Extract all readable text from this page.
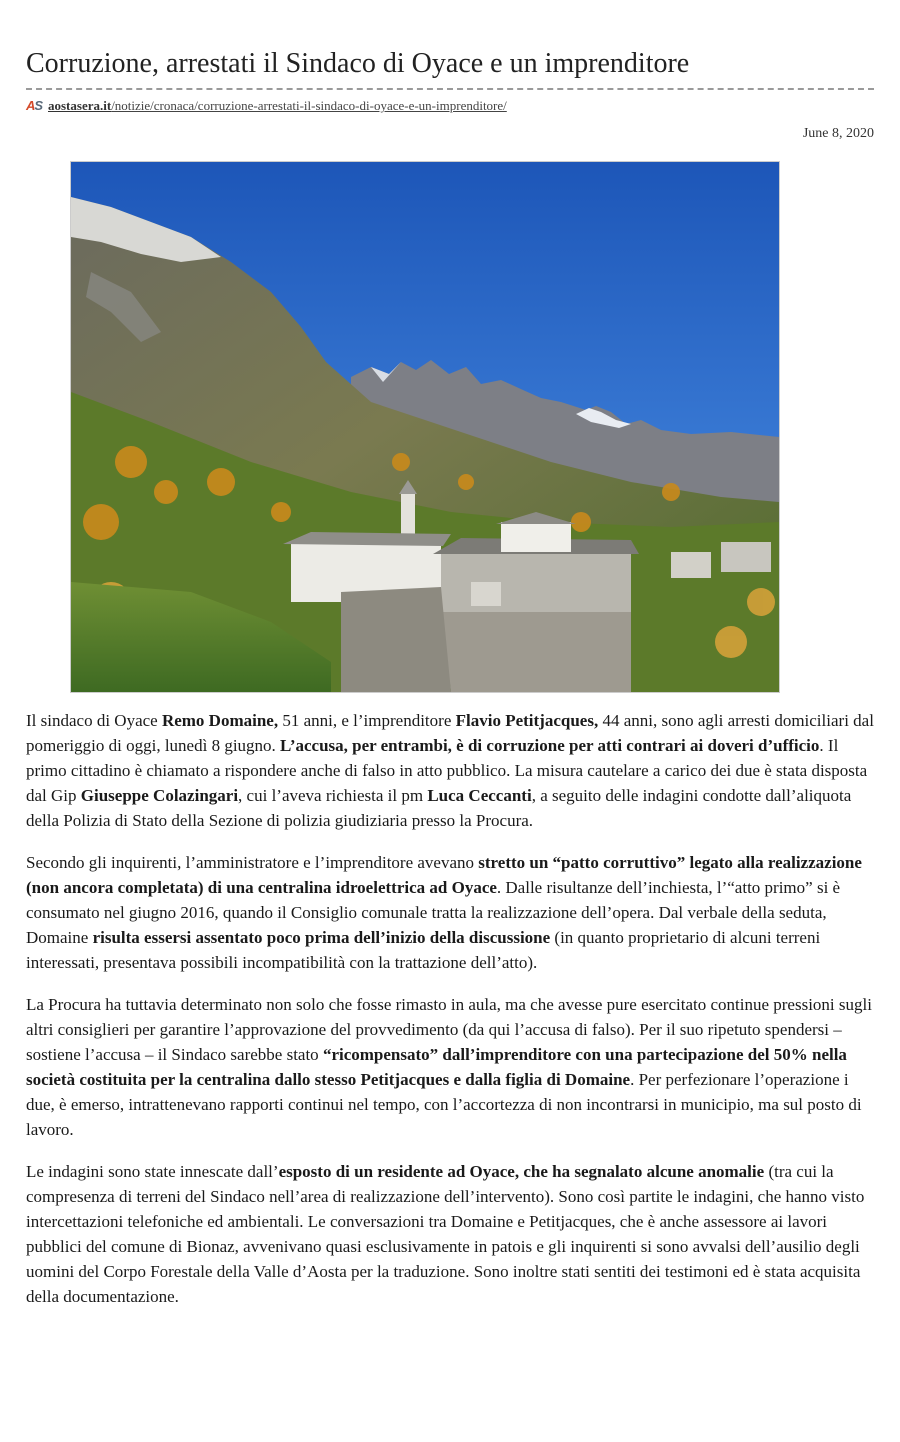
Corruzione, arrestati il Sindaco di Oyace e un imprenditore
AS aostasera.it /notizie/cronaca/corruzione-arrestati-il-sindaco-di-oyace-e-un-imprenditore/
June 8, 2020

Il sindaco di Oyace Remo Domaine, 51 anni, e l’imprenditore Flavio Petitjacques, 44 anni, sono agli arresti domiciliari dal pomeriggio di oggi, lunedì 8 giugno. L’accusa, per entrambi, è di corruzione per atti contrari ai doveri d’ufficio. Il primo cittadino è chiamato a rispondere anche di falso in atto pubblico. La misura cautelare a carico dei due è stata disposta dal Gip Giuseppe Colazingari, cui l’aveva richiesta il pm Luca Ceccanti, a seguito delle indagini condotte dall’aliquota della Polizia di Stato della Sezione di polizia giudiziaria presso la Procura.

Secondo gli inquirenti, l’amministratore e l’imprenditore avevano stretto un “patto corruttivo” legato alla realizzazione (non ancora completata) di una centralina idroelettrica ad Oyace. Dalle risultanze dell’inchiesta, l’“atto primo” si è consumato nel giugno 2016, quando il Consiglio comunale tratta la realizzazione dell’opera. Dal verbale della seduta, Domaine risulta essersi assentato poco prima dell’inizio della discussione (in quanto proprietario di alcuni terreni interessati, presentava possibili incompatibilità con la trattazione dell’atto).

La Procura ha tuttavia determinato non solo che fosse rimasto in aula, ma che avesse pure esercitato continue pressioni sugli altri consiglieri per garantire l’approvazione del provvedimento (da qui l’accusa di falso). Per il suo ripetuto spendersi – sostiene l’accusa – il Sindaco sarebbe stato “ricompensato” dall’imprenditore con una partecipazione del 50% nella società costituita per la centralina dallo stesso Petitjacques e dalla figlia di Domaine. Per perfezionare l’operazione i due, è emerso, intrattenevano rapporti continui nel tempo, con l’accortezza di non incontrarsi in municipio, ma sul posto di lavoro.

Le indagini sono state innescate dall’esposto di un residente ad Oyace, che ha segnalato alcune anomalie (tra cui la compresenza di terreni del Sindaco nell’area di realizzazione dell’intervento). Sono così partite le indagini, che hanno visto intercettazioni telefoniche ed ambientali. Le conversazioni tra Domaine e Petitjacques, che è anche assessore ai lavori pubblici del comune di Bionaz, avvenivano quasi esclusivamente in patois e gli inquirenti si sono avvalsi dell’ausilio degli uomini del Corpo Forestale della Valle d’Aosta per la traduzione. Sono inoltre stati sentiti dei testimoni ed è stata acquisita della documentazione.
